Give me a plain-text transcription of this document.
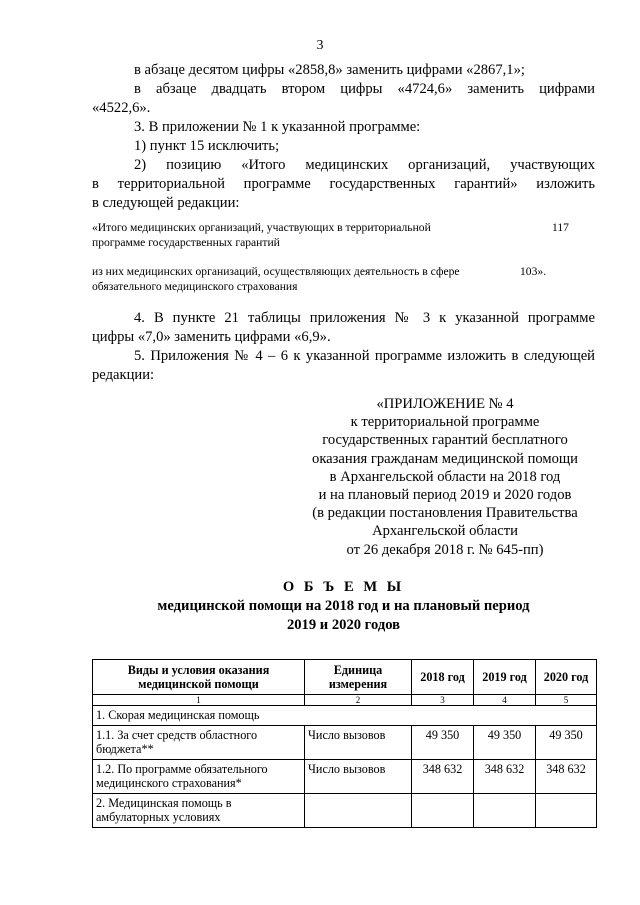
3
в абзаце десятом цифры «2858,8» заменить цифрами «2867,1»;
в абзаце двадцать втором цифры «4724,6» заменить цифрами
«4522,6».
3. В приложении № 1 к указанной программе:
1) пункт 15 исключить;
2) позицию «Итого медицинских организаций, участвующих
в территориальной программе государственных гарантий» изложить
в следующей редакции:
«Итого медицинских организаций, участвующих в территориальной программе государственных гарантий
117
из них медицинских организаций, осуществляющих деятельность в сфере обязательного медицинского страхования
103».
4. В пункте 21 таблицы приложения № 3 к указанной программе
цифры «7,0» заменить цифрами «6,9».
5. Приложения № 4 – 6 к указанной программе изложить в следующей
редакции:
«ПРИЛОЖЕНИЕ № 4
к территориальной программе
государственных гарантий бесплатного
оказания гражданам медицинской помощи
в Архангельской области на 2018 год
и на плановый период 2019 и 2020 годов
(в редакции постановления Правительства
Архангельской области
от 26 декабря 2018 г. № 645-пп)
О Б Ъ Е М Ы
медицинской помощи на 2018 год и на плановый период
2019 и 2020 годов
Виды и условия оказания медицинской помощи	Единица измерения	2018 год	2019 год	2020 год
1	2	3	4	5
1. Скорая медицинская помощь				
1.1. За счет средств областного бюджета**	Число вызовов	49 350	49 350	49 350
1.2. По программе обязательного медицинского страхования*	Число вызовов	348 632	348 632	348 632
2. Медицинская помощь в амбулаторных условиях				
